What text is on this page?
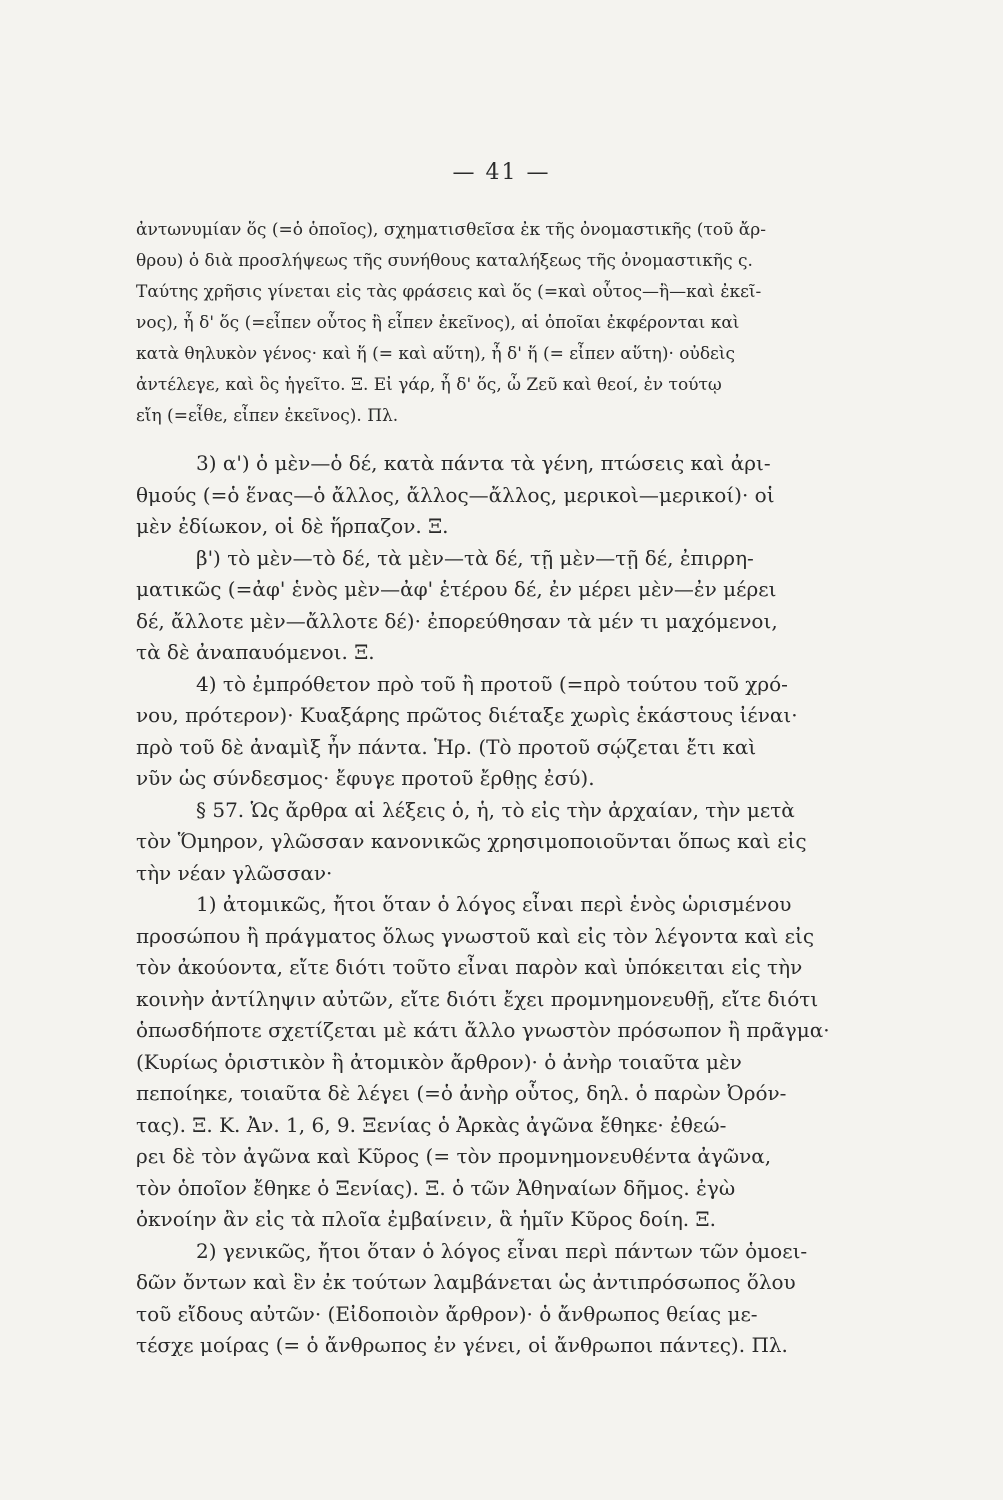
— 41 —
ἀντωνυμίαν ὅς (=ὁ ὁποῖος), σχηματισθεῖσα ἐκ τῆς ὀνομαστικῆς (τοῦ ἄρ-
θρου) ὁ διὰ προσλήψεως τῆς συνήθους καταλήξεως τῆς ὀνομαστικῆς ς.
Ταύτης χρῆσις γίνεται εἰς τὰς φράσεις καὶ ὅς (=καὶ οὗτος—ἢ—καὶ ἐκεῖ-
νος), ἦ δ' ὅς (=εἶπεν οὗτος ἢ εἶπεν ἐκεῖνος), αἱ ὁποῖαι ἐκφέρονται καὶ
κατὰ θηλυκὸν γένος· καὶ ἥ (= καὶ αὕτη), ἦ δ' ἥ (= εἶπεν αὕτη)· οὐδεὶς
ἀντέλεγε, καὶ ὃς ἡγεῖτο. Ξ. Εἰ γάρ, ἦ δ' ὅς, ὦ Ζεῦ καὶ θεοί, ἐν τούτῳ
εἴη (=εἶθε, εἶπεν ἐκεῖνος). Πλ.
3) α') ὁ μὲν—ὁ δέ, κατὰ πάντα τὰ γένη, πτώσεις καὶ ἀρι-
θμούς (=ὁ ἕνας—ὁ ἄλλος, ἄλλος—ἄλλος, μερικοὶ—μερικοί)· οἱ
μὲν ἐδίωκον, οἱ δὲ ἥρπαζον. Ξ.
β') τὸ μὲν—τὸ δέ, τὰ μὲν—τὰ δέ, τῇ μὲν—τῇ δέ, ἐπιρρη-
ματικῶς (=ἀφ' ἑνὸς μὲν—ἀφ' ἑτέρου δέ, ἐν μέρει μὲν—ἐν μέρει
δέ, ἄλλοτε μὲν—ἄλλοτε δέ)· ἐπορεύθησαν τὰ μέν τι μαχόμενοι,
τὰ δὲ ἀναπαυόμενοι. Ξ.
4) τὸ ἐμπρόθετον πρὸ τοῦ ἢ προτοῦ (=πρὸ τούτου τοῦ χρό-
νου, πρότερον)· Κυαξάρης πρῶτος διέταξε χωρὶς ἑκάστους ἰέναι·
πρὸ τοῦ δὲ ἀναμὶξ ἦν πάντα. Ἡρ. (Τὸ προτοῦ σῴζεται ἔτι καὶ
νῦν ὡς σύνδεσμος· ἔφυγε προτοῦ ἔρθῃς ἐσύ).
§ 57. Ὡς ἄρθρα αἱ λέξεις ὁ, ἡ, τὸ εἰς τὴν ἀρχαίαν, τὴν μετὰ
τὸν Ὅμηρον, γλῶσσαν κανονικῶς χρησιμοποιοῦνται ὅπως καὶ εἰς
τὴν νέαν γλῶσσαν·
1) ἀτομικῶς, ἤτοι ὅταν ὁ λόγος εἶναι περὶ ἑνὸς ὡρισμένου
προσώπου ἢ πράγματος ὅλως γνωστοῦ καὶ εἰς τὸν λέγοντα καὶ εἰς
τὸν ἀκούοντα, εἴτε διότι τοῦτο εἶναι παρὸν καὶ ὑπόκειται εἰς τὴν
κοινὴν ἀντίληψιν αὐτῶν, εἴτε διότι ἔχει προμνημονευθῇ, εἴτε διότι
ὁπωσδήποτε σχετίζεται μὲ κάτι ἄλλο γνωστὸν πρόσωπον ἢ πρᾶγμα·
(Κυρίως ὁριστικὸν ἢ ἀτομικὸν ἄρθρον)· ὁ ἀνὴρ τοιαῦτα μὲν
πεποίηκε, τοιαῦτα δὲ λέγει (=ὁ ἀνὴρ οὗτος, δηλ. ὁ παρὼν Ὀρόν-
τας). Ξ. Κ. Ἀν. 1, 6, 9. Ξενίας ὁ Ἀρκὰς ἀγῶνα ἔθηκε· ἐθεώ-
ρει δὲ τὸν ἀγῶνα καὶ Κῦρος (= τὸν προμνημονευθέντα ἀγῶνα,
τὸν ὁποῖον ἔθηκε ὁ Ξενίας). Ξ. ὁ τῶν Ἀθηναίων δῆμος. ἐγὼ
ὀκνοίην ἂν εἰς τὰ πλοῖα ἐμβαίνειν, ἃ ἡμῖν Κῦρος δοίη. Ξ.
2) γενικῶς, ἤτοι ὅταν ὁ λόγος εἶναι περὶ πάντων τῶν ὁμοει-
δῶν ὄντων καὶ ἓν ἐκ τούτων λαμβάνεται ὡς ἀντιπρόσωπος ὅλου
τοῦ εἴδους αὐτῶν· (Εἰδοποιὸν ἄρθρον)· ὁ ἄνθρωπος θείας με-
τέσχε μοίρας (= ὁ ἄνθρωπος ἐν γένει, οἱ ἄνθρωποι πάντες). Πλ.
